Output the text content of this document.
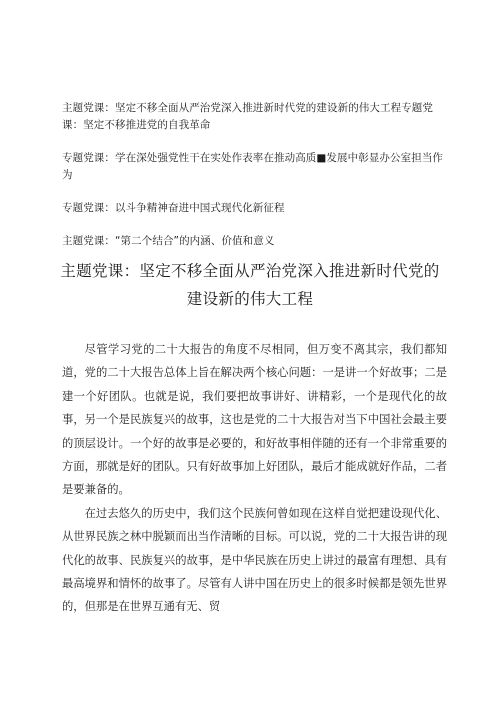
主题党课：坚定不移全面从严治党深入推进新时代党的建设新的伟大工程专题党课：坚定不移推进党的自我革命
专题党课：学在深处强党性干在实处作表率在推动高质■发展中彰显办公室担当作为
专题党课：以斗争精神奋进中国式现代化新征程
主题党课：“第二个结合”的内涵、价值和意义
主题党课：坚定不移全面从严治党深入推进新时代党的
建设新的伟大工程

尽管学习党的二十大报告的角度不尽相同，但万变不离其宗，我们都知道，党的二十大报告总体上旨在解决两个核心问题：一是讲一个好故事；二是建一个好团队。也就是说，我们要把故事讲好、讲精彩，一个是现代化的故事，另一个是民族复兴的故事，这也是党的二十大报告对当下中国社会最主要的顶层设计。一个好的故事是必要的，和好故事相伴随的还有一个非常重要的方面，那就是好的团队。只有好故事加上好团队，最后才能成就好作品，二者是要兼备的。

在过去悠久的历史中，我们这个民族何曾如现在这样自觉把建设现代化、从世界民族之林中脱颖而出当作清晰的目标。可以说，党的二十大报告讲的现代化的故事、民族复兴的故事，是中华民族在历史上讲过的最富有理想、具有最高境界和情怀的故事了。尽管有人讲中国在历史上的很多时候都是领先世界的，但那是在世界互通有无、贸
